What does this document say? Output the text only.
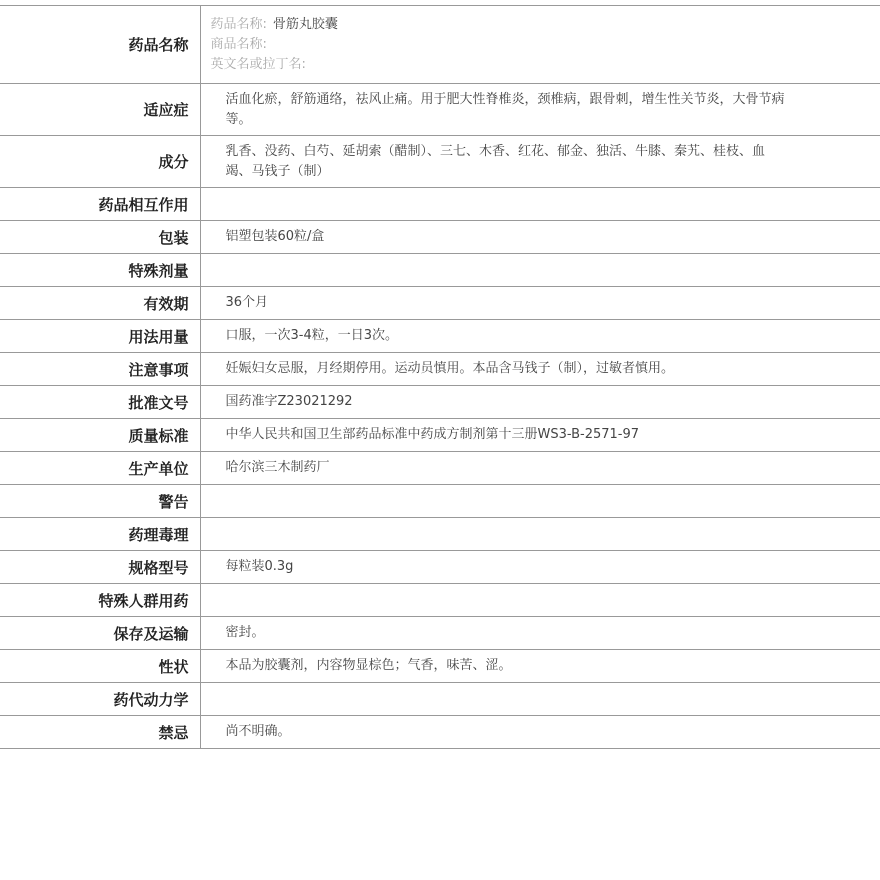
药品名称	药品名称: 骨筋丸胶囊
商品名称:
英文名或拉丁名:

适应症	活血化瘀，舒筋通络，祛风止痛。用于肥大性脊椎炎，颈椎病，跟骨刺，增生性关节炎，大骨节病等。
成分	乳香、没药、白芍、延胡索（醋制）、三七、木香、红花、郁金、独活、牛膝、秦艽、桂枝、血竭、马钱子（制）
药品相互作用	
包装	铝塑包装60粒/盒
特殊剂量	
有效期	36个月
用法用量	口服，一次3-4粒，一日3次。
注意事项	妊娠妇女忌服，月经期停用。运动员慎用。本品含马钱子（制），过敏者慎用。
批准文号	国药准字Z23021292
质量标准	中华人民共和国卫生部药品标准中药成方制剂第十三册WS3-B-2571-97
生产单位	哈尔滨三木制药厂
警告	
药理毒理	
规格型号	每粒装0.3g
特殊人群用药	
保存及运输	密封。
性状	本品为胶囊剂，内容物显棕色；气香，味苦、涩。
药代动力学	
禁忌	尚不明确。
